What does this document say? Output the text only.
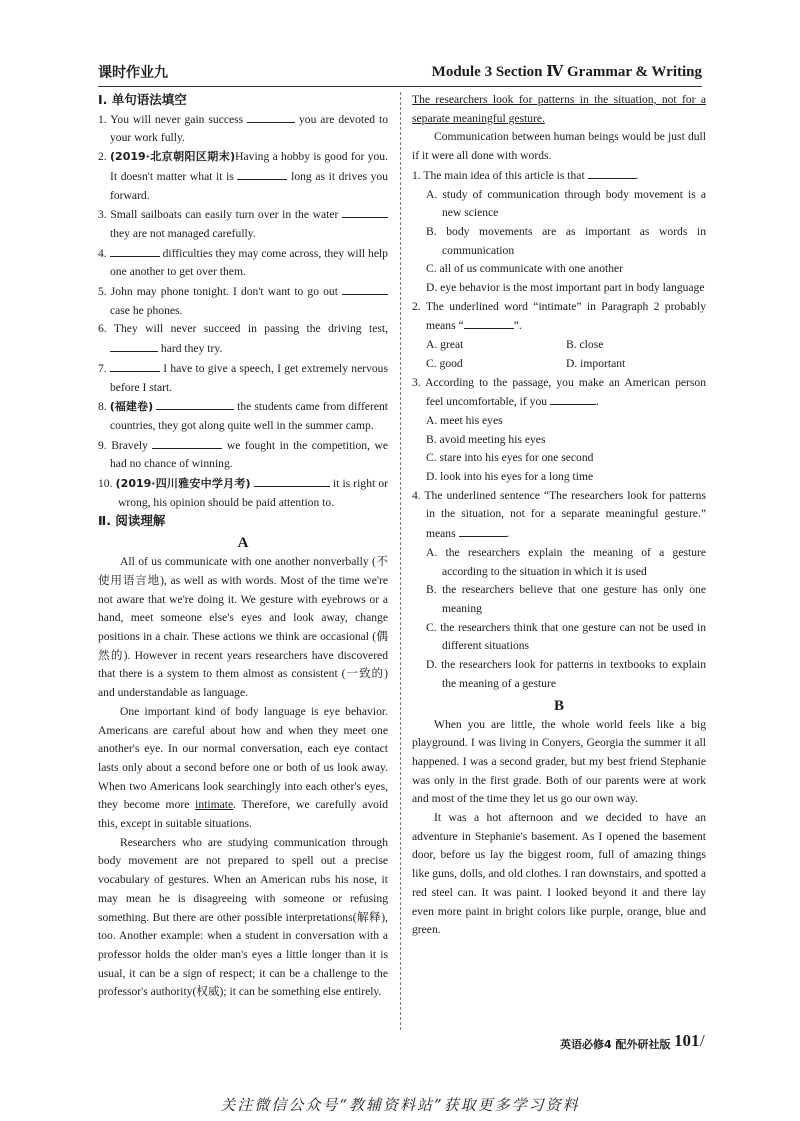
课时作业九	Module 3 Section Ⅳ Grammar & Writing

Ⅰ. 单句语法填空

1. You will never gain success	you are devoted to your work fully.

2. (2019·北京朝阳区期末)Having a hobby is good for you. It doesn't matter what it is	long as it drives you forward.

3. Small sailboats can easily turn over in the water  they are not managed carefully.

4.	difficulties they may come across, they will help one another to get over them.

5. John may phone tonight. I don't want to go out  case he phones.

6. They will never succeed in passing the driving test,  hard they try.

7.	I have to give a speech, I get extremely nervous before I start.

8. (福建卷)	the students came from different countries, they got along quite well in the summer camp.

9. Bravely	we fought in the competition, we had no chance of winning.

10. (2019·四川雅安中学月考)	it is right or wrong, his opinion should be paid attention to.

Ⅱ. 阅读理解

A

All of us communicate with one another nonverbally (不使用语言地), as well as with words. Most of the time we're not aware that we're doing it. We gesture with eyebrows or a hand, meet someone else's eyes and look away, change positions in a chair. These actions we think are occasional (偶然的). However in recent years researchers have discovered that there is a system to them almost as consistent (一致的) and understandable as language.

One important kind of body language is eye behavior. Americans are careful about how and when they meet one another's eye. In our normal conversation, each eye contact lasts only about a second before one or both of us look away. When two Americans look searchingly into each other's eyes, they become more intimate. Therefore, we carefully avoid this, except in suitable situations.

Researchers who are studying communication through body movement are not prepared to spell out a precise vocabulary of gestures. When an American rubs his nose, it may mean he is disagreeing with someone or refusing something. But there are other possible interpretations(解释), too. Another example: when a student in conversation with a professor holds the older man's eyes a little longer than it is usual, it can be a sign of respect; it can be a challenge to the professor's authority(权威); it can be something else entirely.

The researchers look for patterns in the situation, not for a separate meaningful gesture.

Communication between human beings would be just dull if it were all done with words.

1. The main idea of this article is that	.

A. study of communication through body movement is a new science

B. body movements are as important as words in communication

C. all of us communicate with one another

D. eye behavior is the most important part in body language

2. The underlined word “intimate” in Paragraph 2 probably means “	”.

A. great	B. close
C. good	D. important

3. According to the passage, you make an American person feel uncomfortable, if you	.

A. meet his eyes

B. avoid meeting his eyes

C. stare into his eyes for one second

D. look into his eyes for a long time

4. The underlined sentence “The researchers look for patterns in the situation, not for a separate meaningful gesture.” means	.

A. the researchers explain the meaning of a gesture according to the situation in which it is used

B. the researchers believe that one gesture has only one meaning

C. the researchers think that one gesture can not be used in different situations

D. the researchers look for patterns in textbooks to explain the meaning of a gesture

B

When you are little, the whole world feels like a big playground. I was living in Conyers, Georgia the summer it all happened. I was a second grader, but my best friend Stephanie was only in the first grade. Both of our parents were at work and most of the time they let us go our own way.

It was a hot afternoon and we decided to have an adventure in Stephanie's basement. As I opened the basement door, before us lay the biggest room, full of amazing things like guns, dolls, and old clothes. I ran downstairs, and spotted a red steel can. It was paint. I looked beyond it and there lay even more paint in bright colors like purple, orange, blue and green.

英语必修4 配外研社版 101 /
关注微信公众号“教辅资料站”获取更多学习资料
